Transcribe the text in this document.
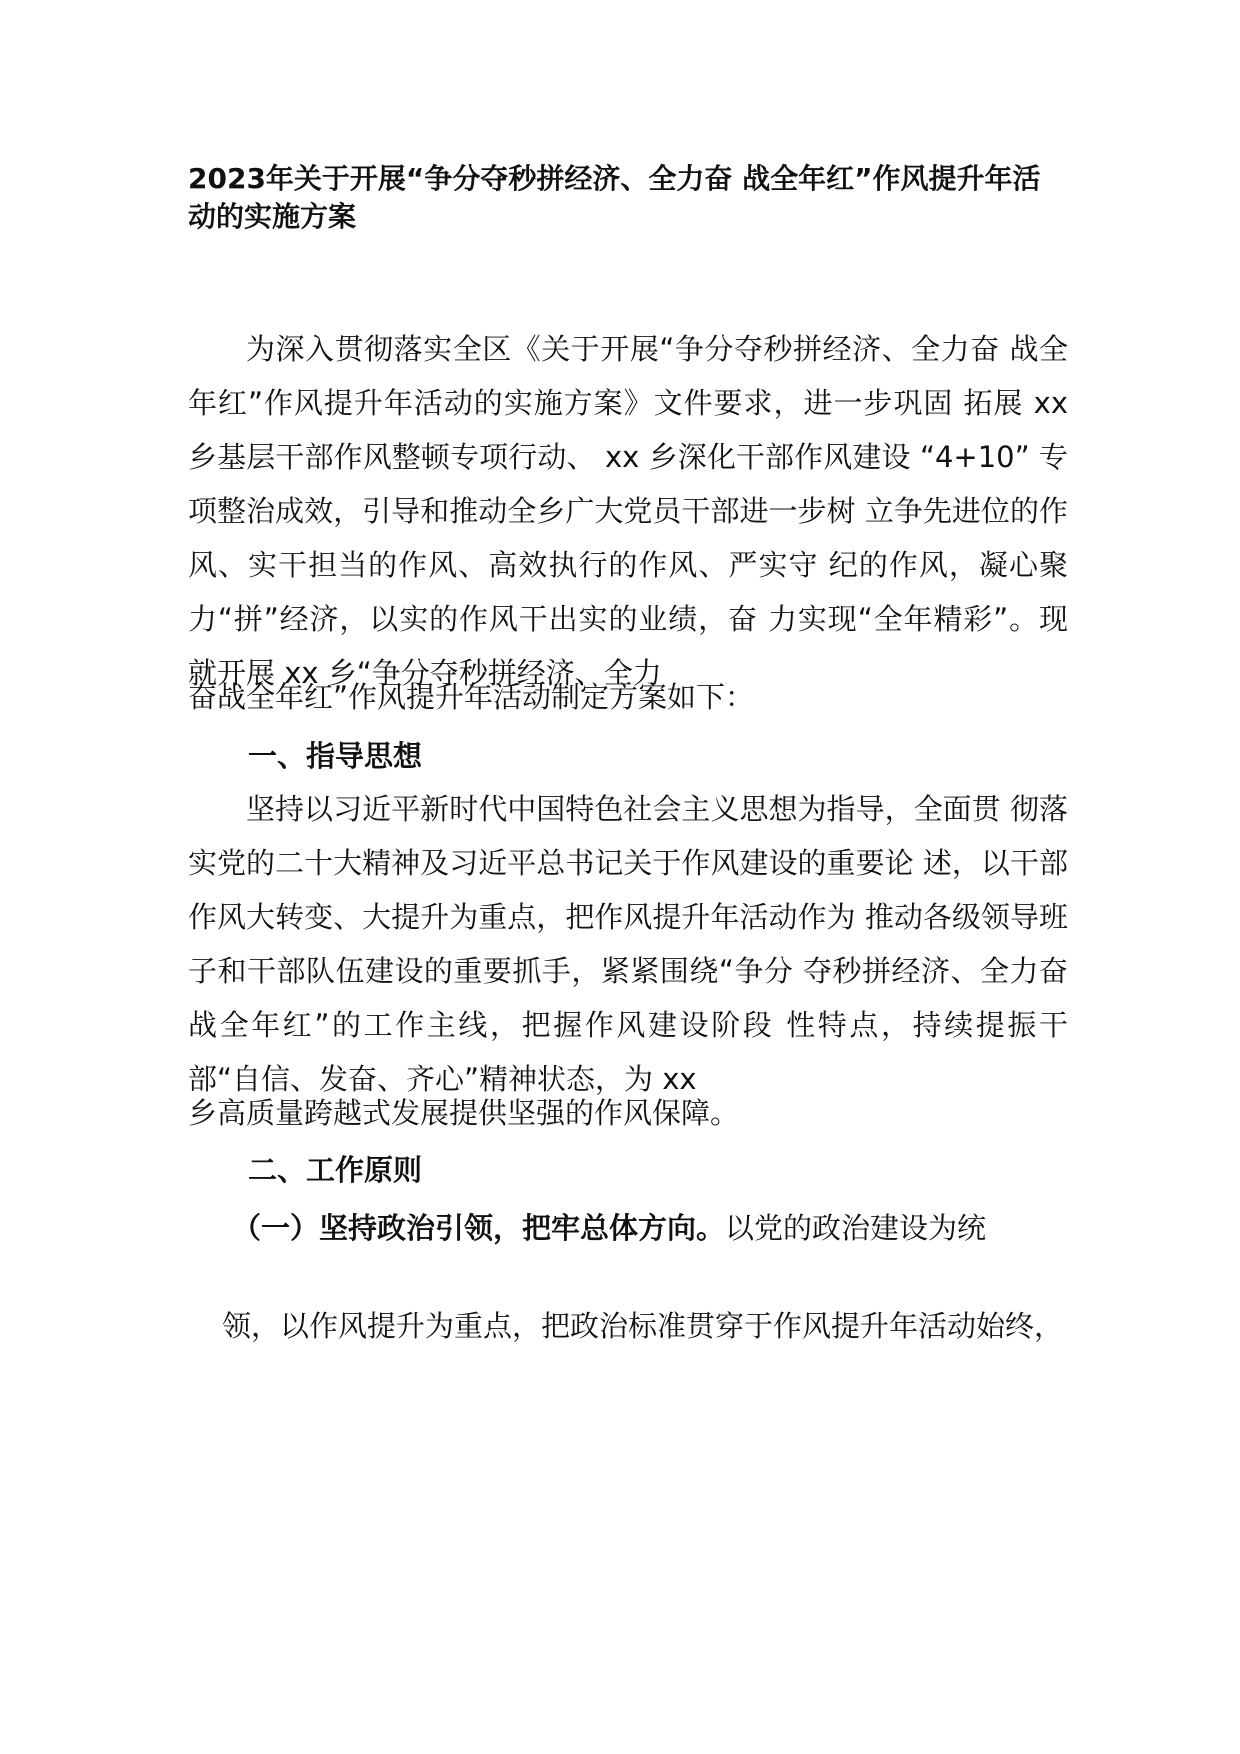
2023年关于开展“争分夺秒拼经济、全力奋 战全年红”作风提升年活动的实施方案

为深入贯彻落实全区《关于开展“争分夺秒拼经济、全力奋 战全年红”作风提升年活动的实施方案》文件要求，进一步巩固 拓展 xx 乡基层干部作风整顿专项行动、 xx 乡深化干部作风建设 “4+10” 专项整治成效，引导和推动全乡广大党员干部进一步树 立争先进位的作风、实干担当的作风、高效执行的作风、严实守 纪的作风，凝心聚力“拼”经济，以实的作风干出实的业绩，奋 力实现“全年精彩”。现就开展 xx 乡“争分夺秒拼经济、全力

奋战全年红”作风提升年活动制定方案如下：

一、指导思想

坚持以习近平新时代中国特色社会主义思想为指导，全面贯 彻落实党的二十大精神及习近平总书记关于作风建设的重要论 述，以干部作风大转变、大提升为重点，把作风提升年活动作为 推动各级领导班子和干部队伍建设的重要抓手，紧紧围绕“争分 夺秒拼经济、全力奋战全年红”的工作主线，把握作风建设阶段 性特点，持续提振干部“自信、发奋、齐心”精神状态，为 xx

乡高质量跨越式发展提供坚强的作风保障。

二、工作原则

（一）坚持政治引领，把牢总体方向。以党的政治建设为统

领，以作风提升为重点，把政治标准贯穿于作风提升年活动始终，
